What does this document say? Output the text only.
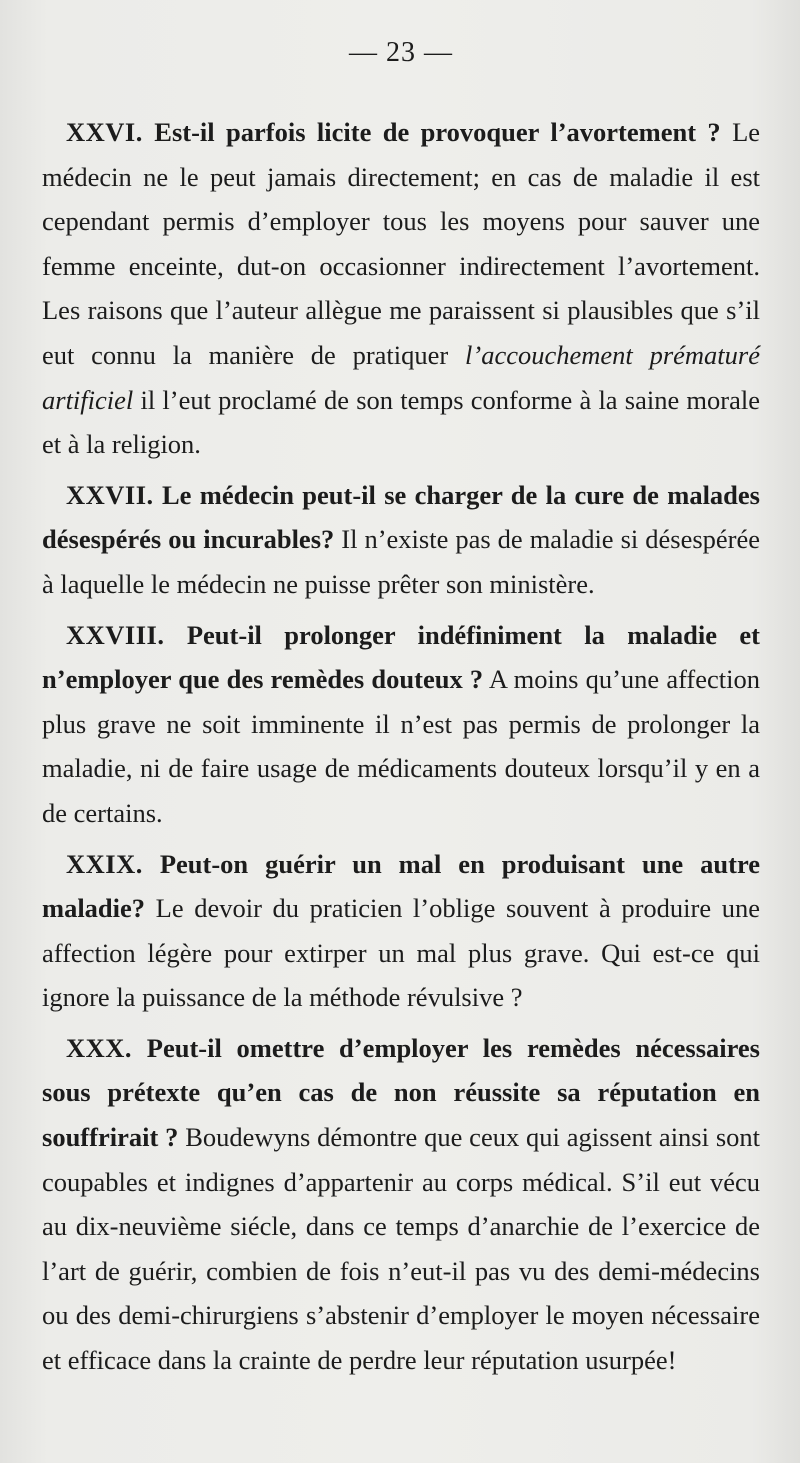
— 23 —

XXVI. Est-il parfois licite de provoquer l’avortement ? Le médecin ne le peut jamais directement; en cas de maladie il est cependant permis d’employer tous les moyens pour sauver une femme enceinte, dut-on occasionner indirectement l’avortement. Les raisons que l’auteur allègue me paraissent si plausibles que s’il eut connu la manière de pratiquer l’accouchement prématuré artificiel il l’eut proclamé de son temps conforme à la saine morale et à la religion.

XXVII. Le médecin peut-il se charger de la cure de malades désespérés ou incurables? Il n’existe pas de maladie si désespérée à laquelle le médecin ne puisse prêter son ministère.

XXVIII. Peut-il prolonger indéfiniment la maladie et n’employer que des remèdes douteux ? A moins qu’une affection plus grave ne soit imminente il n’est pas permis de prolonger la maladie, ni de faire usage de médicaments douteux lorsqu’il y en a de certains.

XXIX. Peut-on guérir un mal en produisant une autre maladie? Le devoir du praticien l’oblige souvent à produire une affection légère pour extirper un mal plus grave. Qui est-ce qui ignore la puissance de la méthode révulsive ?

XXX. Peut-il omettre d’employer les remèdes nécessaires sous prétexte qu’en cas de non réussite sa réputation en souffrirait ? Boudewyns démontre que ceux qui agissent ainsi sont coupables et indignes d’appartenir au corps médical. S’il eut vécu au dix-neuvième siécle, dans ce temps d’anarchie de l’exercice de l’art de guérir, combien de fois n’eut-il pas vu des demi-médecins ou des demi-chirurgiens s’abstenir d’employer le moyen nécessaire et efficace dans la crainte de perdre leur réputation usurpée!
